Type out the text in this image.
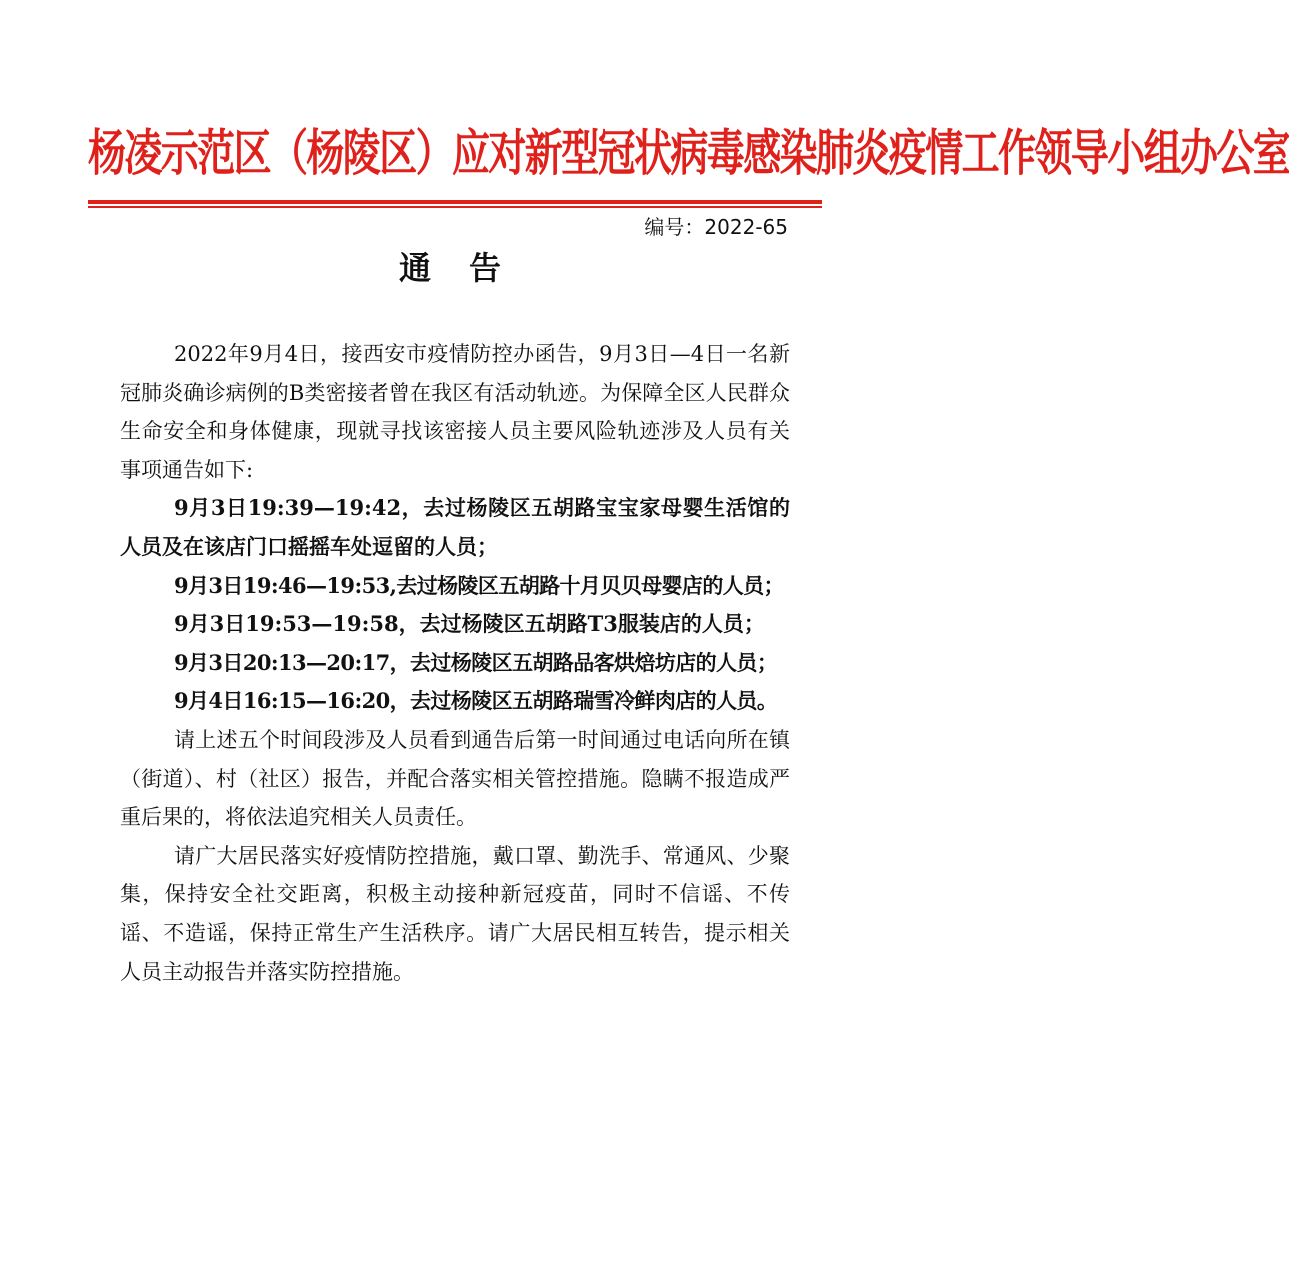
杨凌示范区（杨陵区）应对新型冠状病毒感染肺炎疫情工作领导小组办公室
编号：2022-65
通告

2022年9月4日，接西安市疫情防控办函告，9月3日—4日一名新冠肺炎确诊病例的B类密接者曾在我区有活动轨迹。为保障全区人民群众生命安全和身体健康，现就寻找该密接人员主要风险轨迹涉及人员有关事项通告如下:

9月3日19:39—19:42，去过杨陵区五胡路宝宝家母婴生活馆的人员及在该店门口摇摇车处逗留的人员；

9月3日19:46—19:53,去过杨陵区五胡路十月贝贝母婴店的人员；

9月3日19:53—19:58，去过杨陵区五胡路T3服装店的人员；

9月3日20:13—20:17，去过杨陵区五胡路品客烘焙坊店的人员；

9月4日16:15—16:20，去过杨陵区五胡路瑞雪冷鲜肉店的人员。

请上述五个时间段涉及人员看到通告后第一时间通过电话向所在镇（街道）、村（社区）报告，并配合落实相关管控措施。隐瞒不报造成严重后果的，将依法追究相关人员责任。

请广大居民落实好疫情防控措施，戴口罩、勤洗手、常通风、少聚集，保持安全社交距离，积极主动接种新冠疫苗，同时不信谣、不传谣、不造谣，保持正常生产生活秩序。请广大居民相互转告，提示相关人员主动报告并落实防控措施。
